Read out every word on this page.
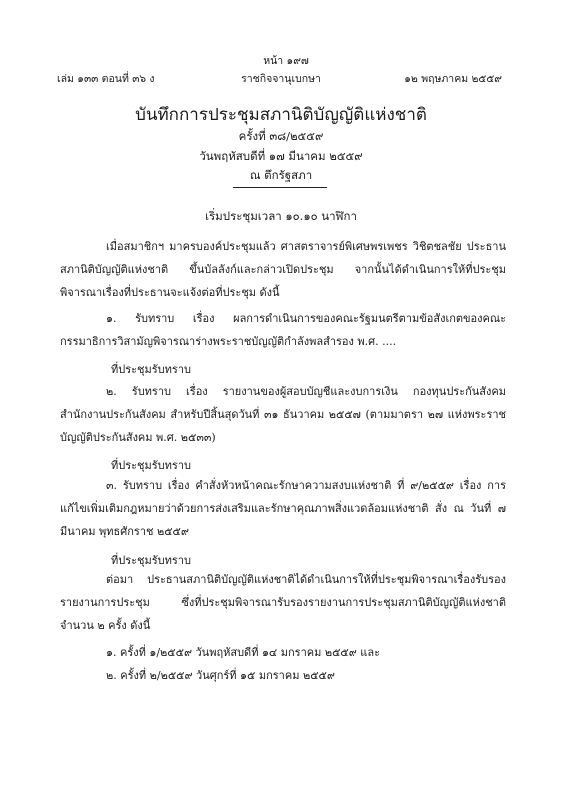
หน้า ๑๙๗
เล่ม ๑๓๓ ตอนที่ ๓๖ ง	ราชกิจจานุเบกษา	๑๒ พฤษภาคม ๒๕๕๙
บันทึกการประชุมสภานิติบัญญัติแห่งชาติ
ครั้งที่ ๓๘/๒๕๕๙
วันพฤหัสบดีที่ ๑๗ มีนาคม ๒๕๕๙
ณ ตึกรัฐสภา
เริ่มประชุมเวลา ๑๐.๑๐ นาฬิกา
เมื่อสมาชิกฯ มาครบองค์ประชุมแล้ว ศาสตราจารย์พิเศษพรเพชร วิชิตชลชัย ประธานสภานิติบัญญัติแห่งชาติ ขึ้นบัลลังก์และกล่าวเปิดประชุม จากนั้นได้ดำเนินการให้ที่ประชุมพิจารณาเรื่องที่ประธานจะแจ้งต่อที่ประชุม ดังนี้
๑. รับทราบ เรื่อง ผลการดำเนินการของคณะรัฐมนตรีตามข้อสังเกตของคณะกรรมาธิการวิสามัญพิจารณาร่างพระราชบัญญัติกำลังพลสำรอง พ.ศ. ....
ที่ประชุมรับทราบ
๒. รับทราบ เรื่อง รายงานของผู้สอบบัญชีและงบการเงิน กองทุนประกันสังคม สำนักงานประกันสังคม สำหรับปีสิ้นสุดวันที่ ๓๑ ธันวาคม ๒๕๕๗ (ตามมาตรา ๒๗ แห่งพระราชบัญญัติประกันสังคม พ.ศ. ๒๕๓๓)
ที่ประชุมรับทราบ
๓. รับทราบ เรื่อง คำสั่งหัวหน้าคณะรักษาความสงบแห่งชาติ ที่ ๙/๒๕๕๙ เรื่อง การแก้ไขเพิ่มเติมกฎหมายว่าด้วยการส่งเสริมและรักษาคุณภาพสิ่งแวดล้อมแห่งชาติ สั่ง ณ วันที่ ๗ มีนาคม พุทธศักราช ๒๕๕๙
ที่ประชุมรับทราบ
ต่อมา ประธานสภานิติบัญญัติแห่งชาติได้ดำเนินการให้ที่ประชุมพิจารณาเรื่องรับรองรายงานการประชุม ซึ่งที่ประชุมพิจารณารับรองรายงานการประชุมสภานิติบัญญัติแห่งชาติ จำนวน ๒ ครั้ง ดังนี้
๑. ครั้งที่ ๑/๒๕๕๙ วันพฤหัสบดีที่ ๑๔ มกราคม ๒๕๕๙ และ
๒. ครั้งที่ ๒/๒๕๕๙ วันศุกร์ที่ ๑๕ มกราคม ๒๕๕๙
